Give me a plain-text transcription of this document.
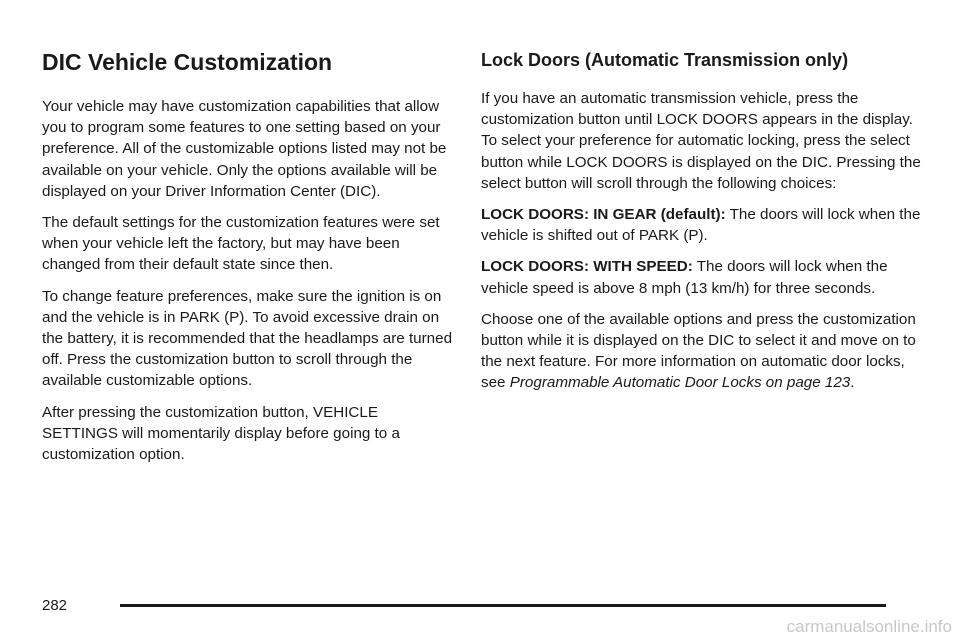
DIC Vehicle Customization

Your vehicle may have customization capabilities that allow you to program some features to one setting based on your preference. All of the customizable options listed may not be available on your vehicle. Only the options available will be displayed on your Driver Information Center (DIC).

The default settings for the customization features were set when your vehicle left the factory, but may have been changed from their default state since then.

To change feature preferences, make sure the ignition is on and the vehicle is in PARK (P). To avoid excessive drain on the battery, it is recommended that the headlamps are turned off. Press the customization button to scroll through the available customizable options.

After pressing the customization button, VEHICLE SETTINGS will momentarily display before going to a customization option.

Lock Doors (Automatic Transmission only)

If you have an automatic transmission vehicle, press the customization button until LOCK DOORS appears in the display. To select your preference for automatic locking, press the select button while LOCK DOORS is displayed on the DIC. Pressing the select button will scroll through the following choices:

LOCK DOORS: IN GEAR (default): The doors will lock when the vehicle is shifted out of PARK (P).

LOCK DOORS: WITH SPEED: The doors will lock when the vehicle speed is above 8 mph (13 km/h) for three seconds.

Choose one of the available options and press the customization button while it is displayed on the DIC to select it and move on to the next feature. For more information on automatic door locks, see Programmable Automatic Door Locks on page 123.

282
carmanualsonline.info
